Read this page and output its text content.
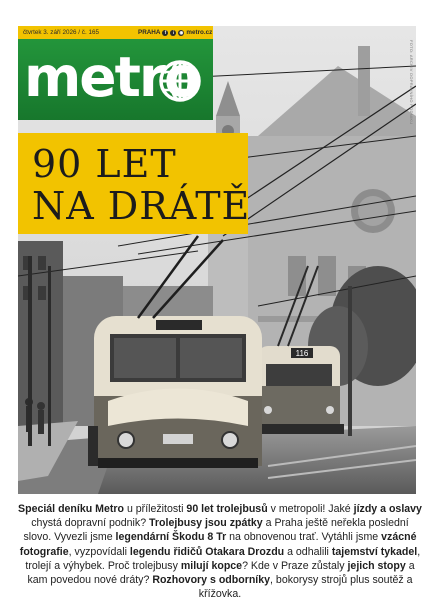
116
čtvrtek 3. září 2026 / č. 165	PRAHA f	i	◉ metro.cz
metro
90 LET
NA DRÁTĚ
FOTO: ARCHIV DOPRAVNÍHO PODNIKU
Speciál deníku Metro u příležitosti 90 let trolejbusů v metropoli! Jaké jízdy a oslavy chystá dopravní podnik? Trolejbusy jsou zpátky a Praha ještě neřekla poslední slovo. Vyvezli jsme legendární Škodu 8 Tr na obnovenou trať. Vytáhli jsme vzácné fotografie, vyzpovídali legendu řidičů Otakara Drozdu a odhalili tajemství tykadel, trolejí a výhybek. Proč trolejbusy milují kopce? Kde v Praze zůstaly jejich stopy a kam povedou nové dráty? Rozhovory s odborníky, bokorysy strojů plus soutěž a křížovka.
